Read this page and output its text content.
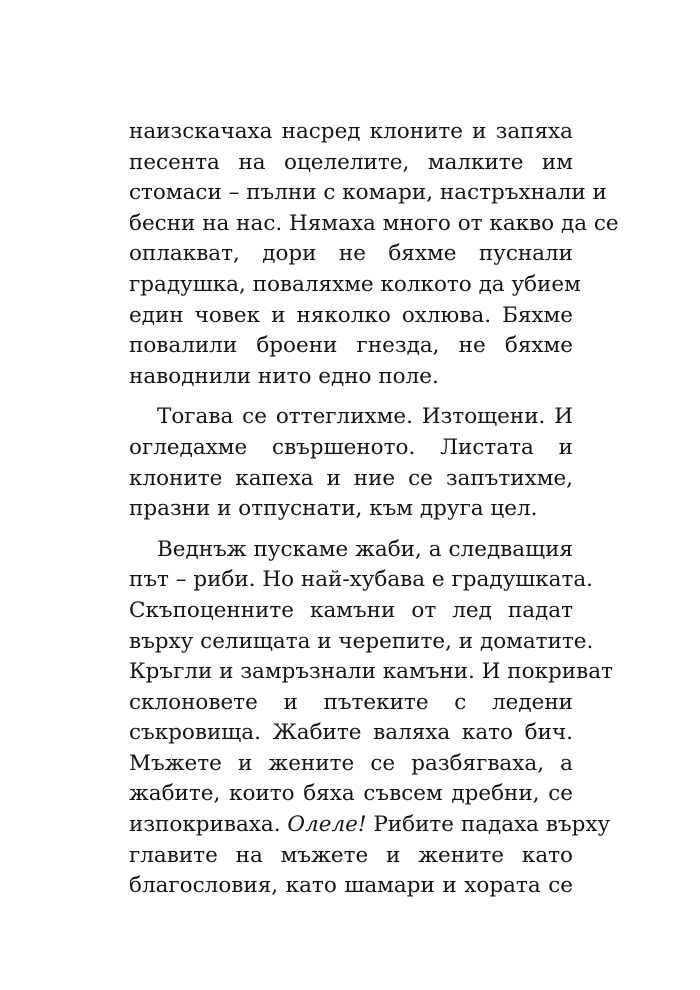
наизскачаха насред клоните и запяха
песента на оцелелите, малките им
стомаси – пълни с комари, настръхнали и
бесни на нас. Нямаха много от какво да се
оплакват, дори не бяхме пуснали
градушка, поваляхме колкото да убием
един човек и няколко охлюва. Бяхме
повалили броени гнезда, не бяхме
наводнили нито едно поле.
Тогава се оттеглихме. Изтощени. И
огледахме свършеното. Листата и
клоните капеха и ние се запътихме,
празни и отпуснати, към друга цел.
Веднъж пускаме жаби, а следващия
път – риби. Но най-хубава е градушката.
Скъпоценните камъни от лед падат
върху селищата и черепите, и доматите.
Кръгли и замръзнали камъни. И покриват
склоновете и пътеките с ледени
съкровища. Жабите валяха като бич.
Мъжете и жените се разбягваха, а
жабите, които бяха съвсем дребни, се
изпокриваха. Олеле! Рибите падаха върху
главите на мъжете и жените като
благословия, като шамари и хората се
